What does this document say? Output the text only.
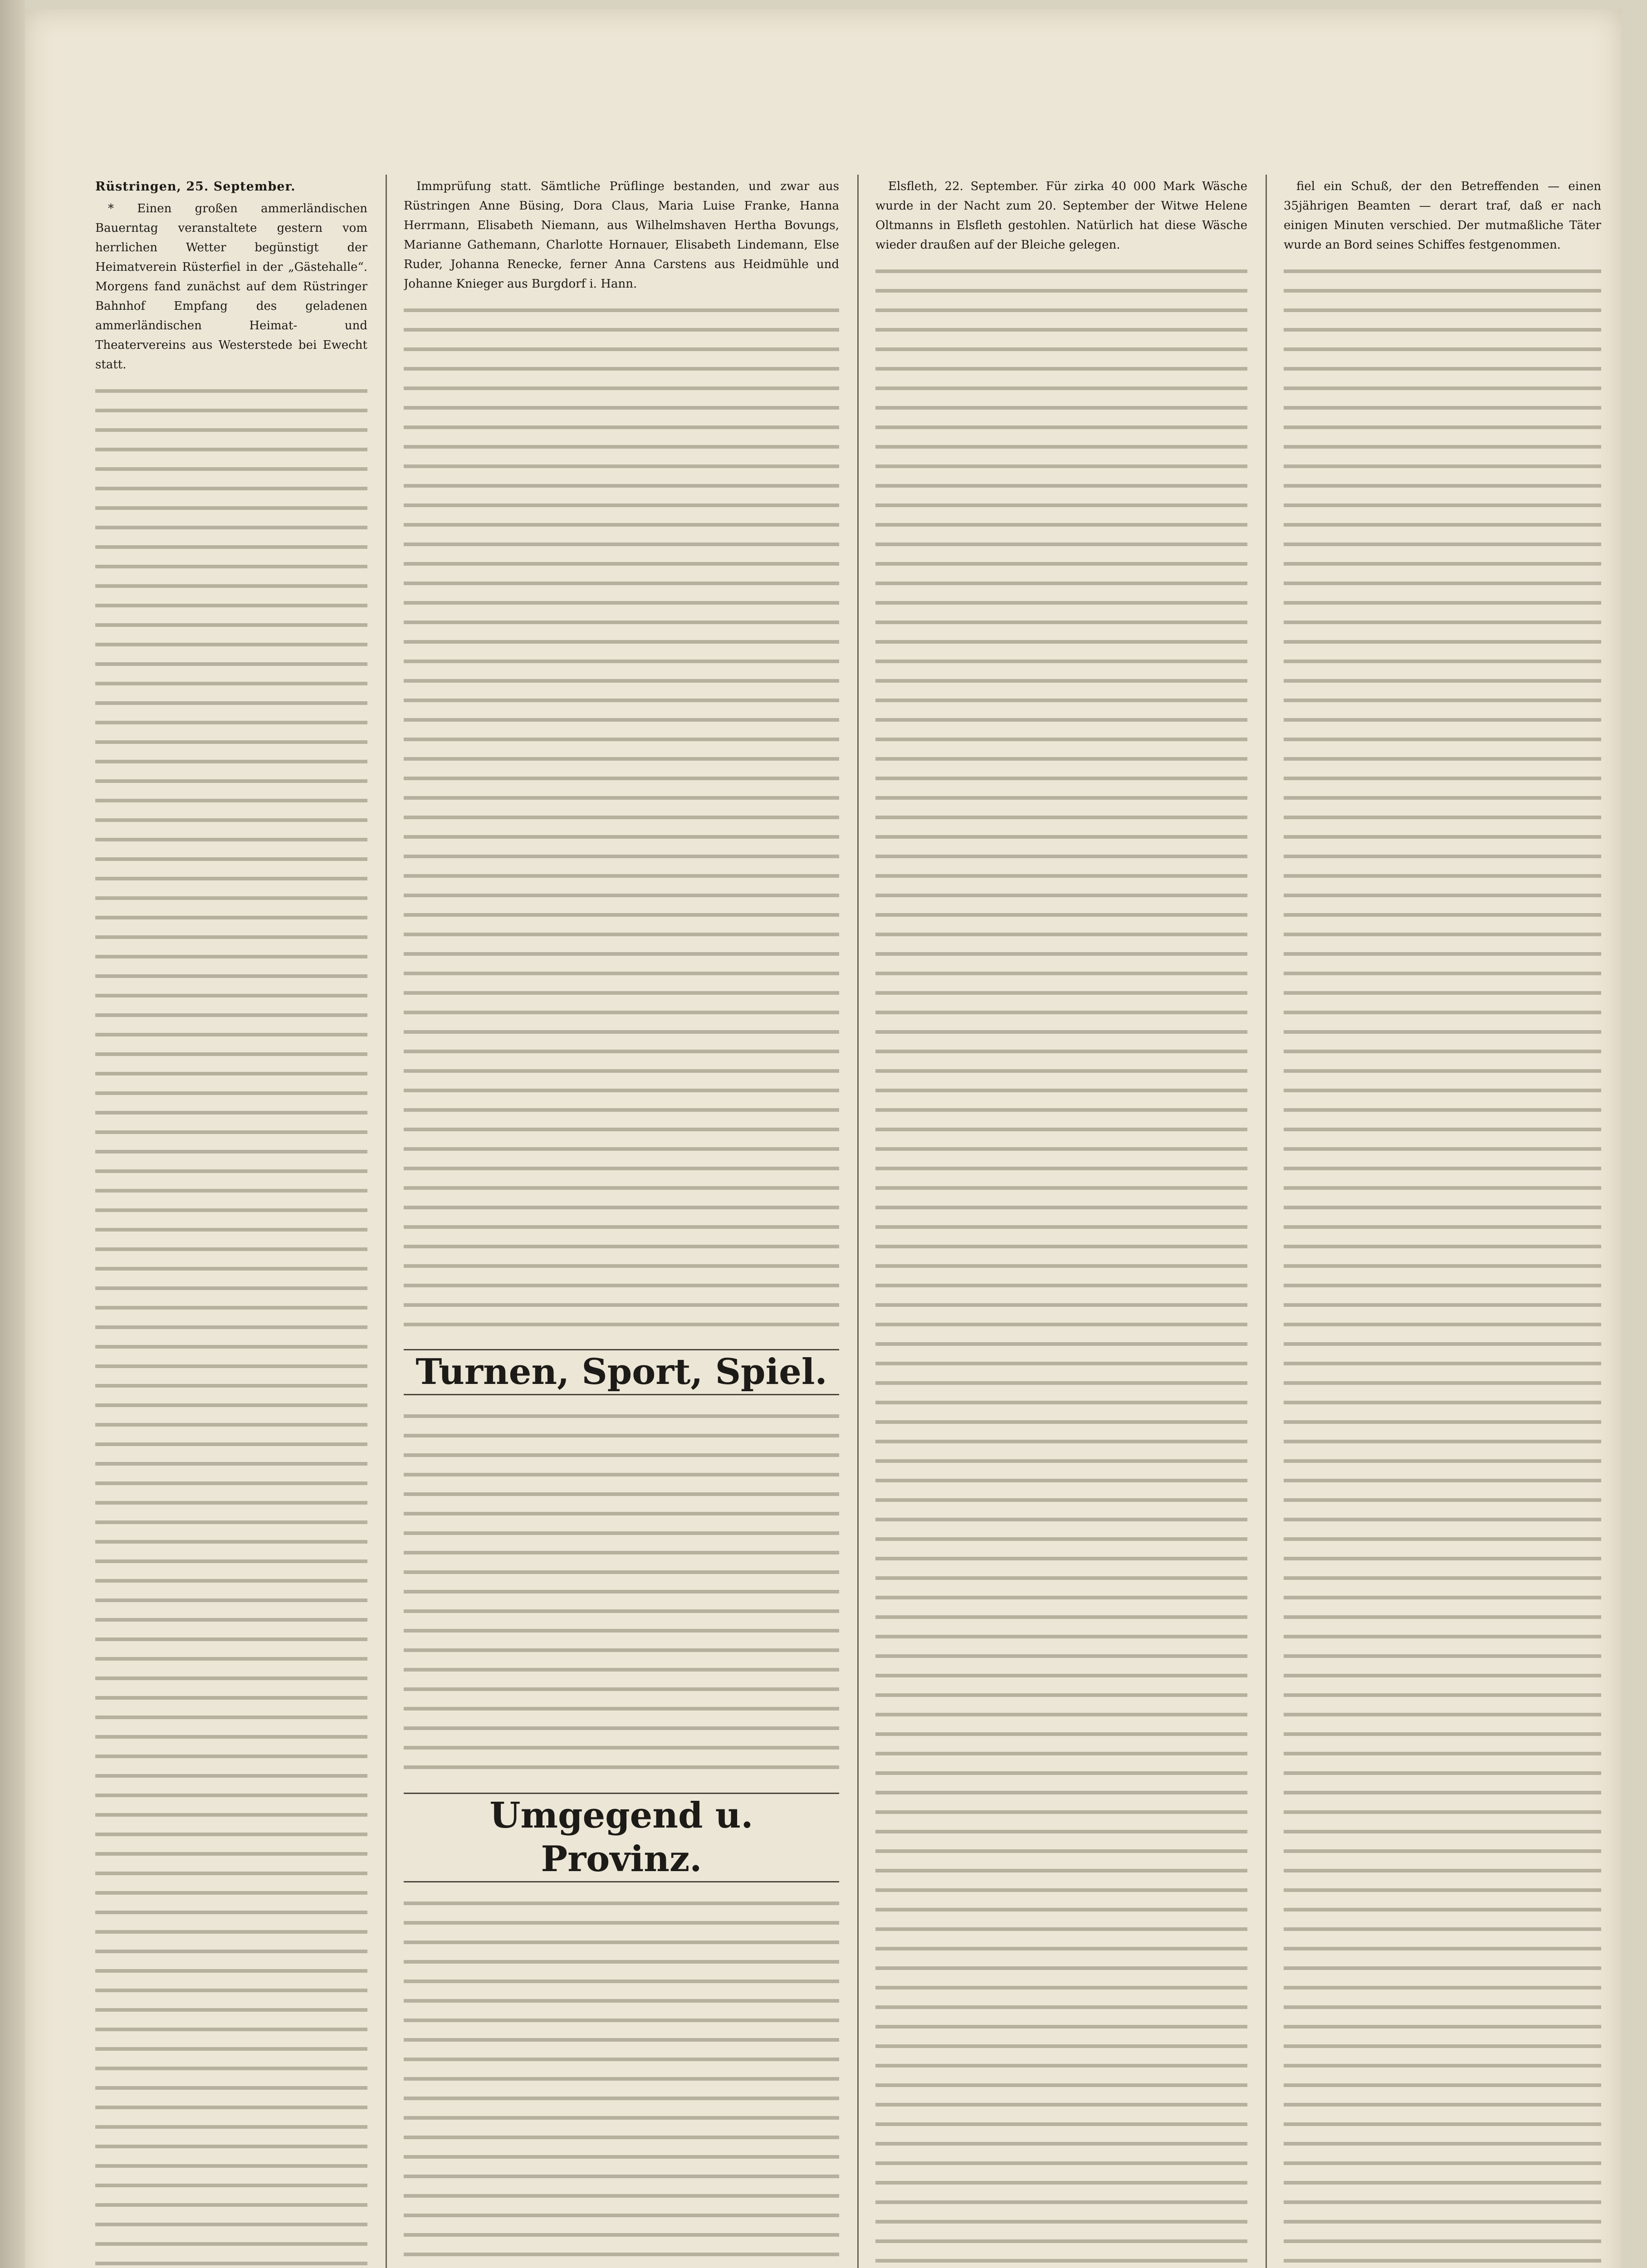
Rüstringen, 25. September.

* Einen großen ammerländischen Bauerntag veranstaltete gestern vom herrlichen Wetter begünstigt der Heimatverein Rüsterfiel in der „Gästehalle“. Morgens fand zunächst auf dem Rüstringer Bahnhof Empfang des geladenen ammerländischen Heimat- und Theatervereins aus Westerstede bei Ewecht statt.

Immprüfung statt. Sämtliche Prüflinge bestanden, und zwar aus Rüstringen Anne Büsing, Dora Claus, Maria Luise Franke, Hanna Herrmann, Elisabeth Niemann, aus Wilhelmshaven Hertha Bovungs, Marianne Gathemann, Charlotte Hornauer, Elisabeth Lindemann, Else Ruder, Johanna Renecke, ferner Anna Carstens aus Heidmühle und Johanne Knieger aus Burgdorf i. Hann.

Turnen, Sport, Spiel.
Umgegend u. Provinz.

Elsfleth, 22. September. Für zirka 40 000 Mark Wäsche wurde in der Nacht zum 20. September der Witwe Helene Oltmanns in Elsfleth gestohlen. Natürlich hat diese Wäsche wieder draußen auf der Bleiche gelegen.

fiel ein Schuß, der den Betreffenden — einen 35jährigen Beamten — derart traf, daß er nach einigen Minuten verschied. Der mutmaßliche Täter wurde an Bord seines Schiffes festgenommen.
